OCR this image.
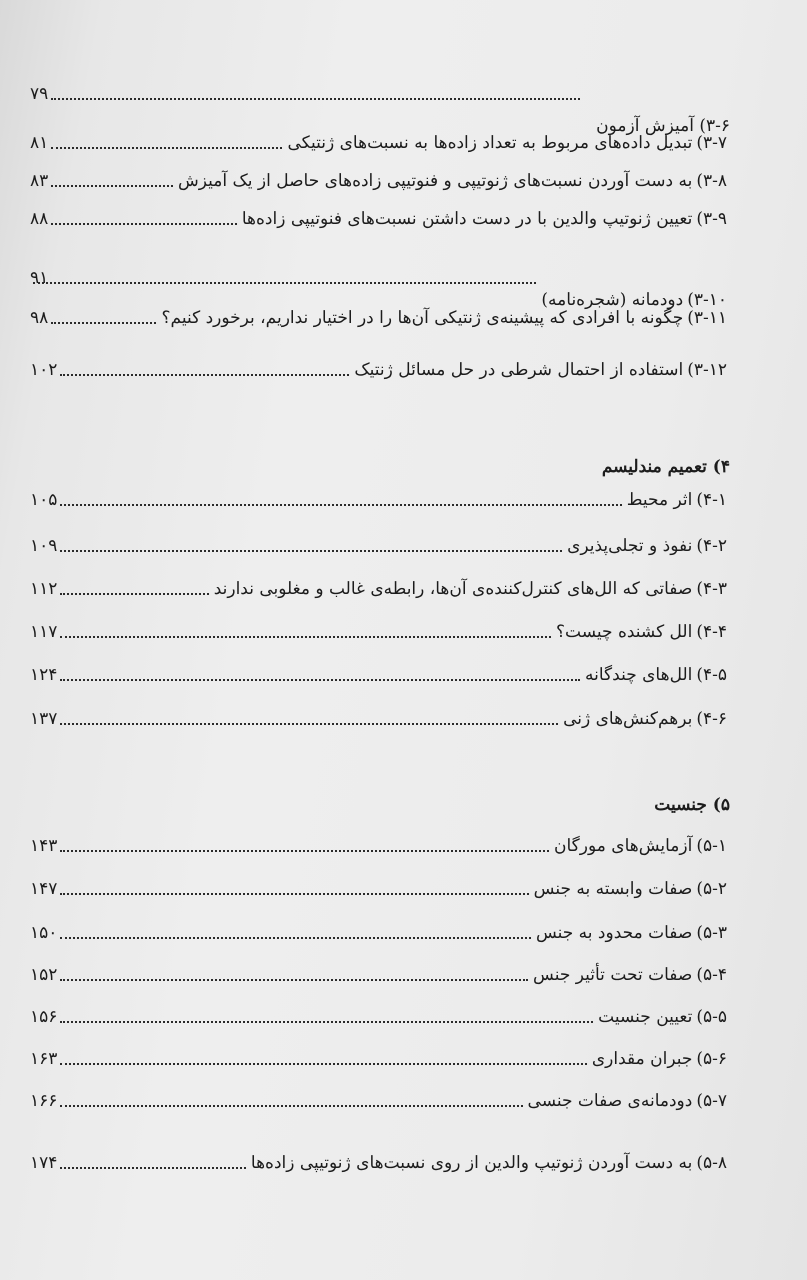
۷۹
۳-۶) آمیزش آزمون
۳-۷)
تبدیل داده‌های مربوط به تعداد زاده‌ها به نسبت‌های ژنتیکی
۸۱
۳-۸)
به دست آوردن نسبت‌های ژنوتیپی و فنوتیپی زاده‌های حاصل از یک آمیزش
۸۳
۳-۹)
تعیین ژنوتیپ والدین با در دست داشتن نسبت‌های فنوتیپی زاده‌ها
۸۸
۹۱
۳-۱۰)
دودمانه (شجره‌نامه)
۳-۱۱)
چگونه با افرادی که پیشینه‌ی ژنتیکی آن‌ها را در اختیار نداریم، برخورد کنیم؟
۹۸
۳-۱۲)
استفاده از احتمال شرطی در حل مسائل ژنتیک
۱۰۲
۴) تعمیم مندلیسم
۴-۱)
اثر محیط
۱۰۵
۴-۲)
نفوذ و تجلی‌پذیری
۱۰۹
۴-۳)
صفاتی که الل‌های کنترل‌کننده‌ی آن‌ها، رابطه‌ی غالب و مغلوبی ندارند
۱۱۲
۴-۴)
الل کشنده چیست؟
۱۱۷
۴-۵)
الل‌های چندگانه
۱۲۴
۴-۶)
برهم‌کنش‌های ژنی
۱۳۷
۵) جنسیت
۵-۱)
آزمایش‌های مورگان
۱۴۳
۵-۲)
صفات وابسته به جنس
۱۴۷
۵-۳)
صفات محدود به جنس
۱۵۰
۵-۴)
صفات تحت تأثیر جنس
۱۵۲
۵-۵)
تعیین جنسیت
۱۵۶
۵-۶)
جبران مقداری
۱۶۳
۵-۷)
دودمانه‌ی صفات جنسی
۱۶۶
۵-۸)
به دست آوردن ژنوتیپ والدین از روی نسبت‌های ژنوتیپی زاده‌ها
۱۷۴
